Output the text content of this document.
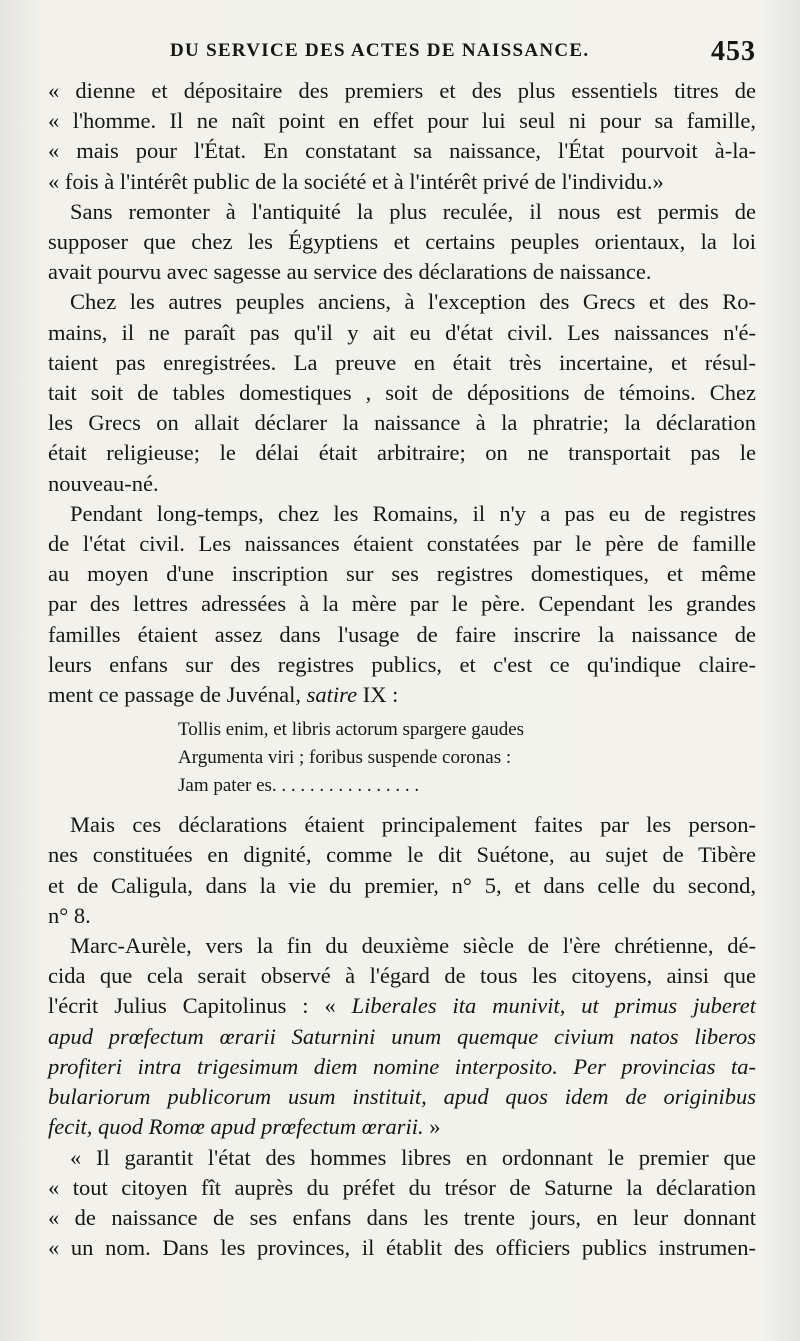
DU SERVICE DES ACTES DE NAISSANCE.	453
« dienne et dépositaire des premiers et des plus essentiels titres de
« l'homme. Il ne naît point en effet pour lui seul ni pour sa famille,
« mais pour l'État. En constatant sa naissance, l'État pourvoit à-la-
« fois à l'intérêt public de la société et à l'intérêt privé de l'individu.»
Sans remonter à l'antiquité la plus reculée, il nous est permis de
supposer que chez les Égyptiens et certains peuples orientaux, la loi
avait pourvu avec sagesse au service des déclarations de naissance.
Chez les autres peuples anciens, à l'exception des Grecs et des Ro-
mains, il ne paraît pas qu'il y ait eu d'état civil. Les naissances n'é-
taient pas enregistrées. La preuve en était très incertaine, et résul-
tait soit de tables domestiques , soit de dépositions de témoins. Chez
les Grecs on allait déclarer la naissance à la phratrie; la déclaration
était religieuse; le délai était arbitraire; on ne transportait pas le
nouveau-né.
Pendant long-temps, chez les Romains, il n'y a pas eu de registres
de l'état civil. Les naissances étaient constatées par le père de famille
au moyen d'une inscription sur ses registres domestiques, et même
par des lettres adressées à la mère par le père. Cependant les grandes
familles étaient assez dans l'usage de faire inscrire la naissance de
leurs enfans sur des registres publics, et c'est ce qu'indique claire-
ment ce passage de Juvénal, satire IX :
Tollis enim, et libris actorum spargere gaudes
Argumenta viri ; foribus suspende coronas :
Jam pater es. . . . . . . . . . . . . . . .
Mais ces déclarations étaient principalement faites par les person-
nes constituées en dignité, comme le dit Suétone, au sujet de Tibère
et de Caligula, dans la vie du premier, n° 5, et dans celle du second,
n° 8.
Marc-Aurèle, vers la fin du deuxième siècle de l'ère chrétienne, dé-
cida que cela serait observé à l'égard de tous les citoyens, ainsi que
l'écrit Julius Capitolinus : « Liberales ita munivit, ut primus juberet
apud prœfectum œrarii Saturnini unum quemque civium natos liberos
profiteri intra trigesimum diem nomine interposito. Per provincias ta-
bulariorum publicorum usum instituit, apud quos idem de originibus
fecit, quod Romœ apud prœfectum œrarii. »
« Il garantit l'état des hommes libres en ordonnant le premier que
« tout citoyen fît auprès du préfet du trésor de Saturne la déclaration
« de naissance de ses enfans dans les trente jours, en leur donnant
« un nom. Dans les provinces, il établit des officiers publics instrumen-
